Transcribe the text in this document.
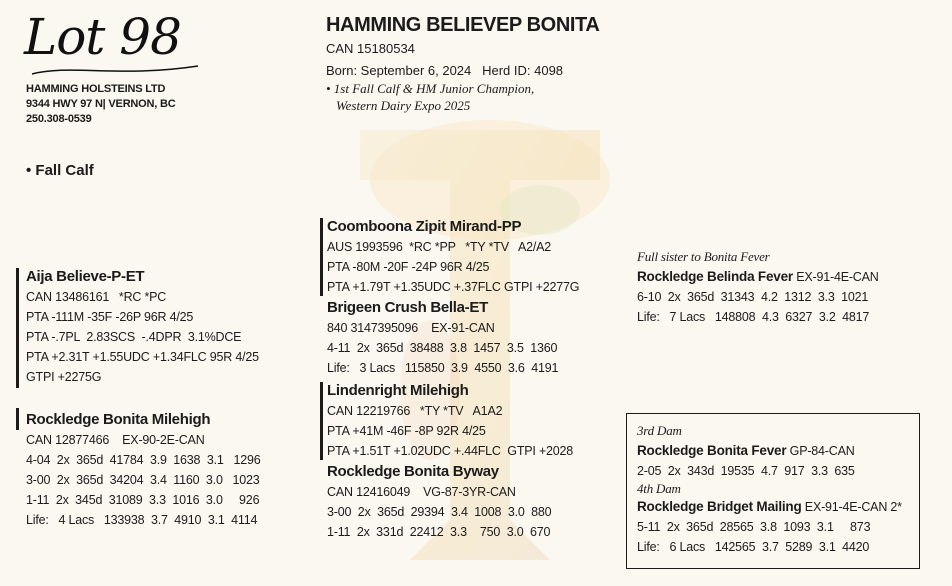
Lot 98
HAMMING HOLSTEINS LTD
9344 HWY 97 N| VERNON, BC
250.308-0539
• Fall Calf
HAMMING BELIEVEP BONITA
CAN 15180534
Born: September 6, 2024   Herd ID: 4098
• 1st Fall Calf & HM Junior Champion,
Western Dairy Expo 2025
Aija Believe-P-ET
CAN 13486161   *RC *PC
PTA -111M -35F -26P 96R 4/25
PTA -.7PL  2.83SCS  -.4DPR  3.1%DCE
PTA +2.31T +1.55UDC +1.34FLC 95R 4/25
GTPI +2275G
Rockledge Bonita Milehigh
CAN 12877466    EX-90-2E-CAN
4-04  2x  365d  41784  3.9  1638  3.1   1296
3-00  2x  365d  34204  3.4  1160  3.0   1023
1-11  2x  345d  31089  3.3  1016  3.0     926
Life:   4 Lacs   133938  3.7  4910  3.1  4114
Coomboona Zipit Mirand-PP
AUS 1993596  *RC *PP   *TY *TV   A2/A2
PTA -80M -20F -24P 96R 4/25
PTA +1.79T +1.35UDC +.37FLC GTPI +2277G
Brigeen Crush Bella-ET
840 3147395096    EX-91-CAN
4-11  2x  365d  38488  3.8  1457  3.5  1360
Life:   3 Lacs   115850  3.9  4550  3.6  4191
Lindenright Milehigh
CAN 12219766   *TY *TV   A1A2
PTA +41M -46F -8P 92R 4/25
PTA +1.51T +1.02UDC +.44FLC  GTPI +2028
Rockledge Bonita Byway
CAN 12416049    VG-87-3YR-CAN
3-00  2x  365d  29394  3.4  1008  3.0  880
1-11  2x  331d  22412  3.3    750  3.0  670
Full sister to Bonita Fever
Rockledge Belinda Fever EX-91-4E-CAN
6-10  2x  365d  31343  4.2  1312  3.3  1021
Life:   7 Lacs   148808  4.3  6327  3.2  4817
3rd Dam
Rockledge Bonita Fever GP-84-CAN
2-05  2x  343d  19535  4.7  917  3.3  635
4th Dam
Rockledge Bridget Mailing EX-91-4E-CAN 2*
5-11  2x  365d  28565  3.8  1093  3.1     873
Life:   6 Lacs   142565  3.7  5289  3.1  4420
